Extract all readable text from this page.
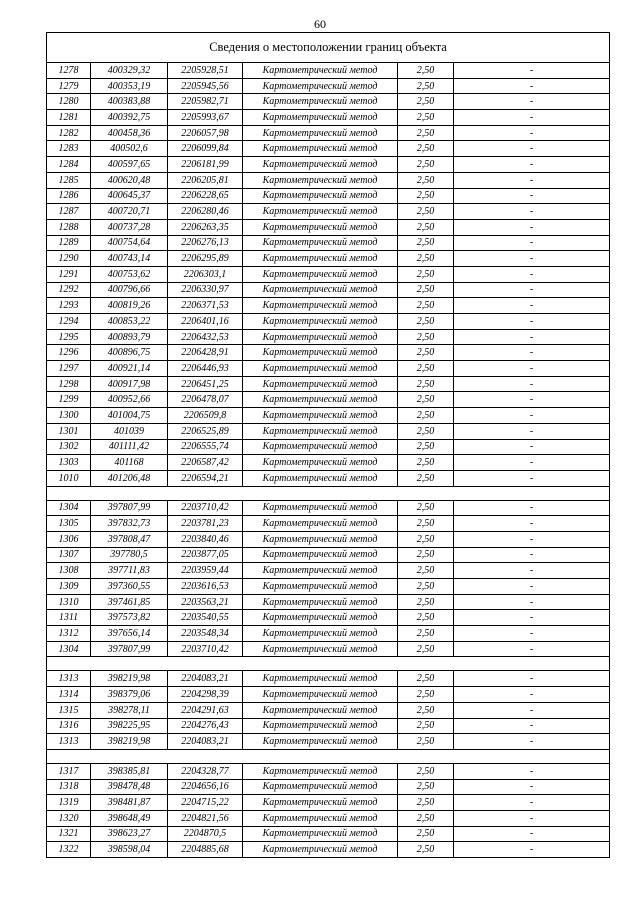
60
Сведения о местоположении границ объекта					
1278	400329,32	2205928,51	Картометрический метод	2,50	-
1279	400353,19	2205945,56	Картометрический метод	2,50	-
1280	400383,88	2205982,71	Картометрический метод	2,50	-
1281	400392,75	2205993,67	Картометрический метод	2,50	-
1282	400458,36	2206057,98	Картометрический метод	2,50	-
1283	400502,6	2206099,84	Картометрический метод	2,50	-
1284	400597,65	2206181,99	Картометрический метод	2,50	-
1285	400620,48	2206205,81	Картометрический метод	2,50	-
1286	400645,37	2206228,65	Картометрический метод	2,50	-
1287	400720,71	2206280,46	Картометрический метод	2,50	-
1288	400737,28	2206263,35	Картометрический метод	2,50	-
1289	400754,64	2206276,13	Картометрический метод	2,50	-
1290	400743,14	2206295,89	Картометрический метод	2,50	-
1291	400753,62	2206303,1	Картометрический метод	2,50	-
1292	400796,66	2206330,97	Картометрический метод	2,50	-
1293	400819,26	2206371,53	Картометрический метод	2,50	-
1294	400853,22	2206401,16	Картометрический метод	2,50	-
1295	400893,79	2206432,53	Картометрический метод	2,50	-
1296	400896,75	2206428,91	Картометрический метод	2,50	-
1297	400921,14	2206446,93	Картометрический метод	2,50	-
1298	400917,98	2206451,25	Картометрический метод	2,50	-
1299	400952,66	2206478,07	Картометрический метод	2,50	-
1300	401004,75	2206509,8	Картометрический метод	2,50	-
1301	401039	2206525,89	Картометрический метод	2,50	-
1302	401111,42	2206555,74	Картометрический метод	2,50	-
1303	401168	2206587,42	Картометрический метод	2,50	-
1010	401206,48	2206594,21	Картометрический метод	2,50	-

1304	397807,99	2203710,42	Картометрический метод	2,50	-
1305	397832,73	2203781,23	Картометрический метод	2,50	-
1306	397808,47	2203840,46	Картометрический метод	2,50	-
1307	397780,5	2203877,05	Картометрический метод	2,50	-
1308	397711,83	2203959,44	Картометрический метод	2,50	-
1309	397360,55	2203616,53	Картометрический метод	2,50	-
1310	397461,85	2203563,21	Картометрический метод	2,50	-
1311	397573,82	2203540,55	Картометрический метод	2,50	-
1312	397656,14	2203548,34	Картометрический метод	2,50	-
1304	397807,99	2203710,42	Картометрический метод	2,50	-

1313	398219,98	2204083,21	Картометрический метод	2,50	-
1314	398379,06	2204298,39	Картометрический метод	2,50	-
1315	398278,11	2204291,63	Картометрический метод	2,50	-
1316	398225,95	2204276,43	Картометрический метод	2,50	-
1313	398219,98	2204083,21	Картометрический метод	2,50	-

1317	398385,81	2204328,77	Картометрический метод	2,50	-
1318	398478,48	2204656,16	Картометрический метод	2,50	-
1319	398481,87	2204715,22	Картометрический метод	2,50	-
1320	398648,49	2204821,56	Картометрический метод	2,50	-
1321	398623,27	2204870,5	Картометрический метод	2,50	-
1322	398598,04	2204885,68	Картометрический метод	2,50	-
